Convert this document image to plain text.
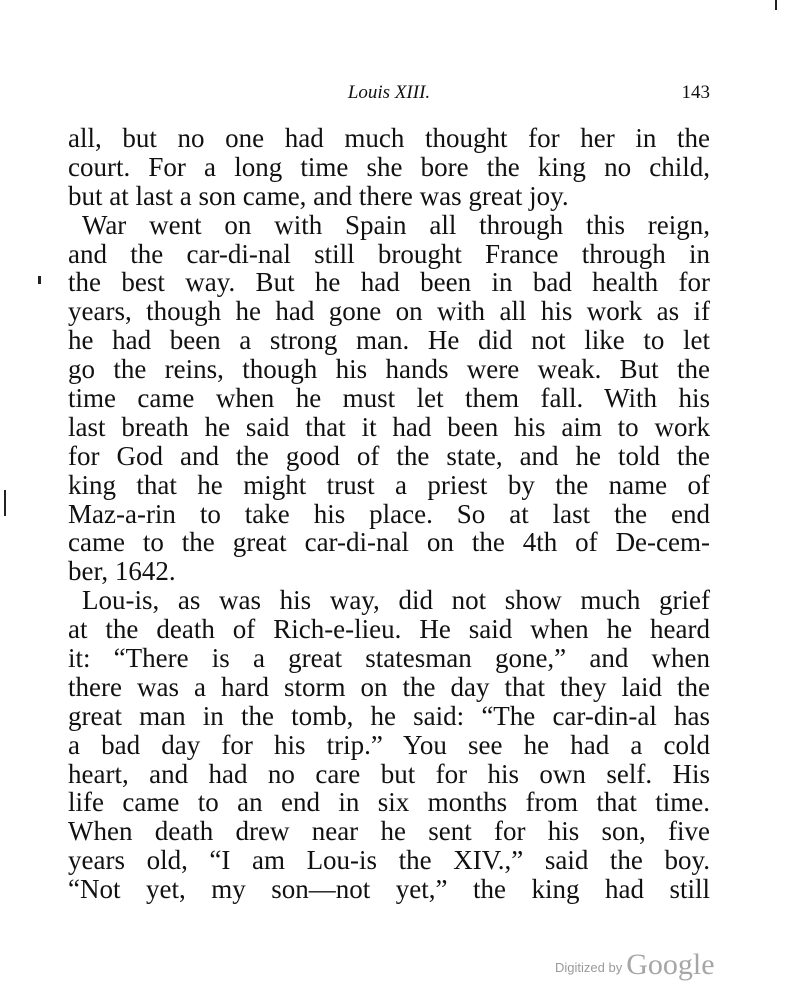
Louis XIII.	143
all, but no one had much thought for her in the
court. For a long time she bore the king no child,
but at last a son came, and there was great joy.
War went on with Spain all through this reign,
and the car-di-nal still brought France through in
the best way. But he had been in bad health for
years, though he had gone on with all his work as if
he had been a strong man. He did not like to let
go the reins, though his hands were weak. But the
time came when he must let them fall. With his
last breath he said that it had been his aim to work
for God and the good of the state, and he told the
king that he might trust a priest by the name of
Maz-a-rin to take his place. So at last the end
came to the great car-di-nal on the 4th of De-cem-
ber, 1642.
Lou-is, as was his way, did not show much grief
at the death of Rich-e-lieu. He said when he heard
it: “There is a great statesman gone,” and when
there was a hard storm on the day that they laid the
great man in the tomb, he said: “The car-din-al has
a bad day for his trip.” You see he had a cold
heart, and had no care but for his own self. His
life came to an end in six months from that time.
When death drew near he sent for his son, five
years old, “I am Lou-is the XIV.,” said the boy.
“Not yet, my son—not yet,” the king had still
Digitized by Google
